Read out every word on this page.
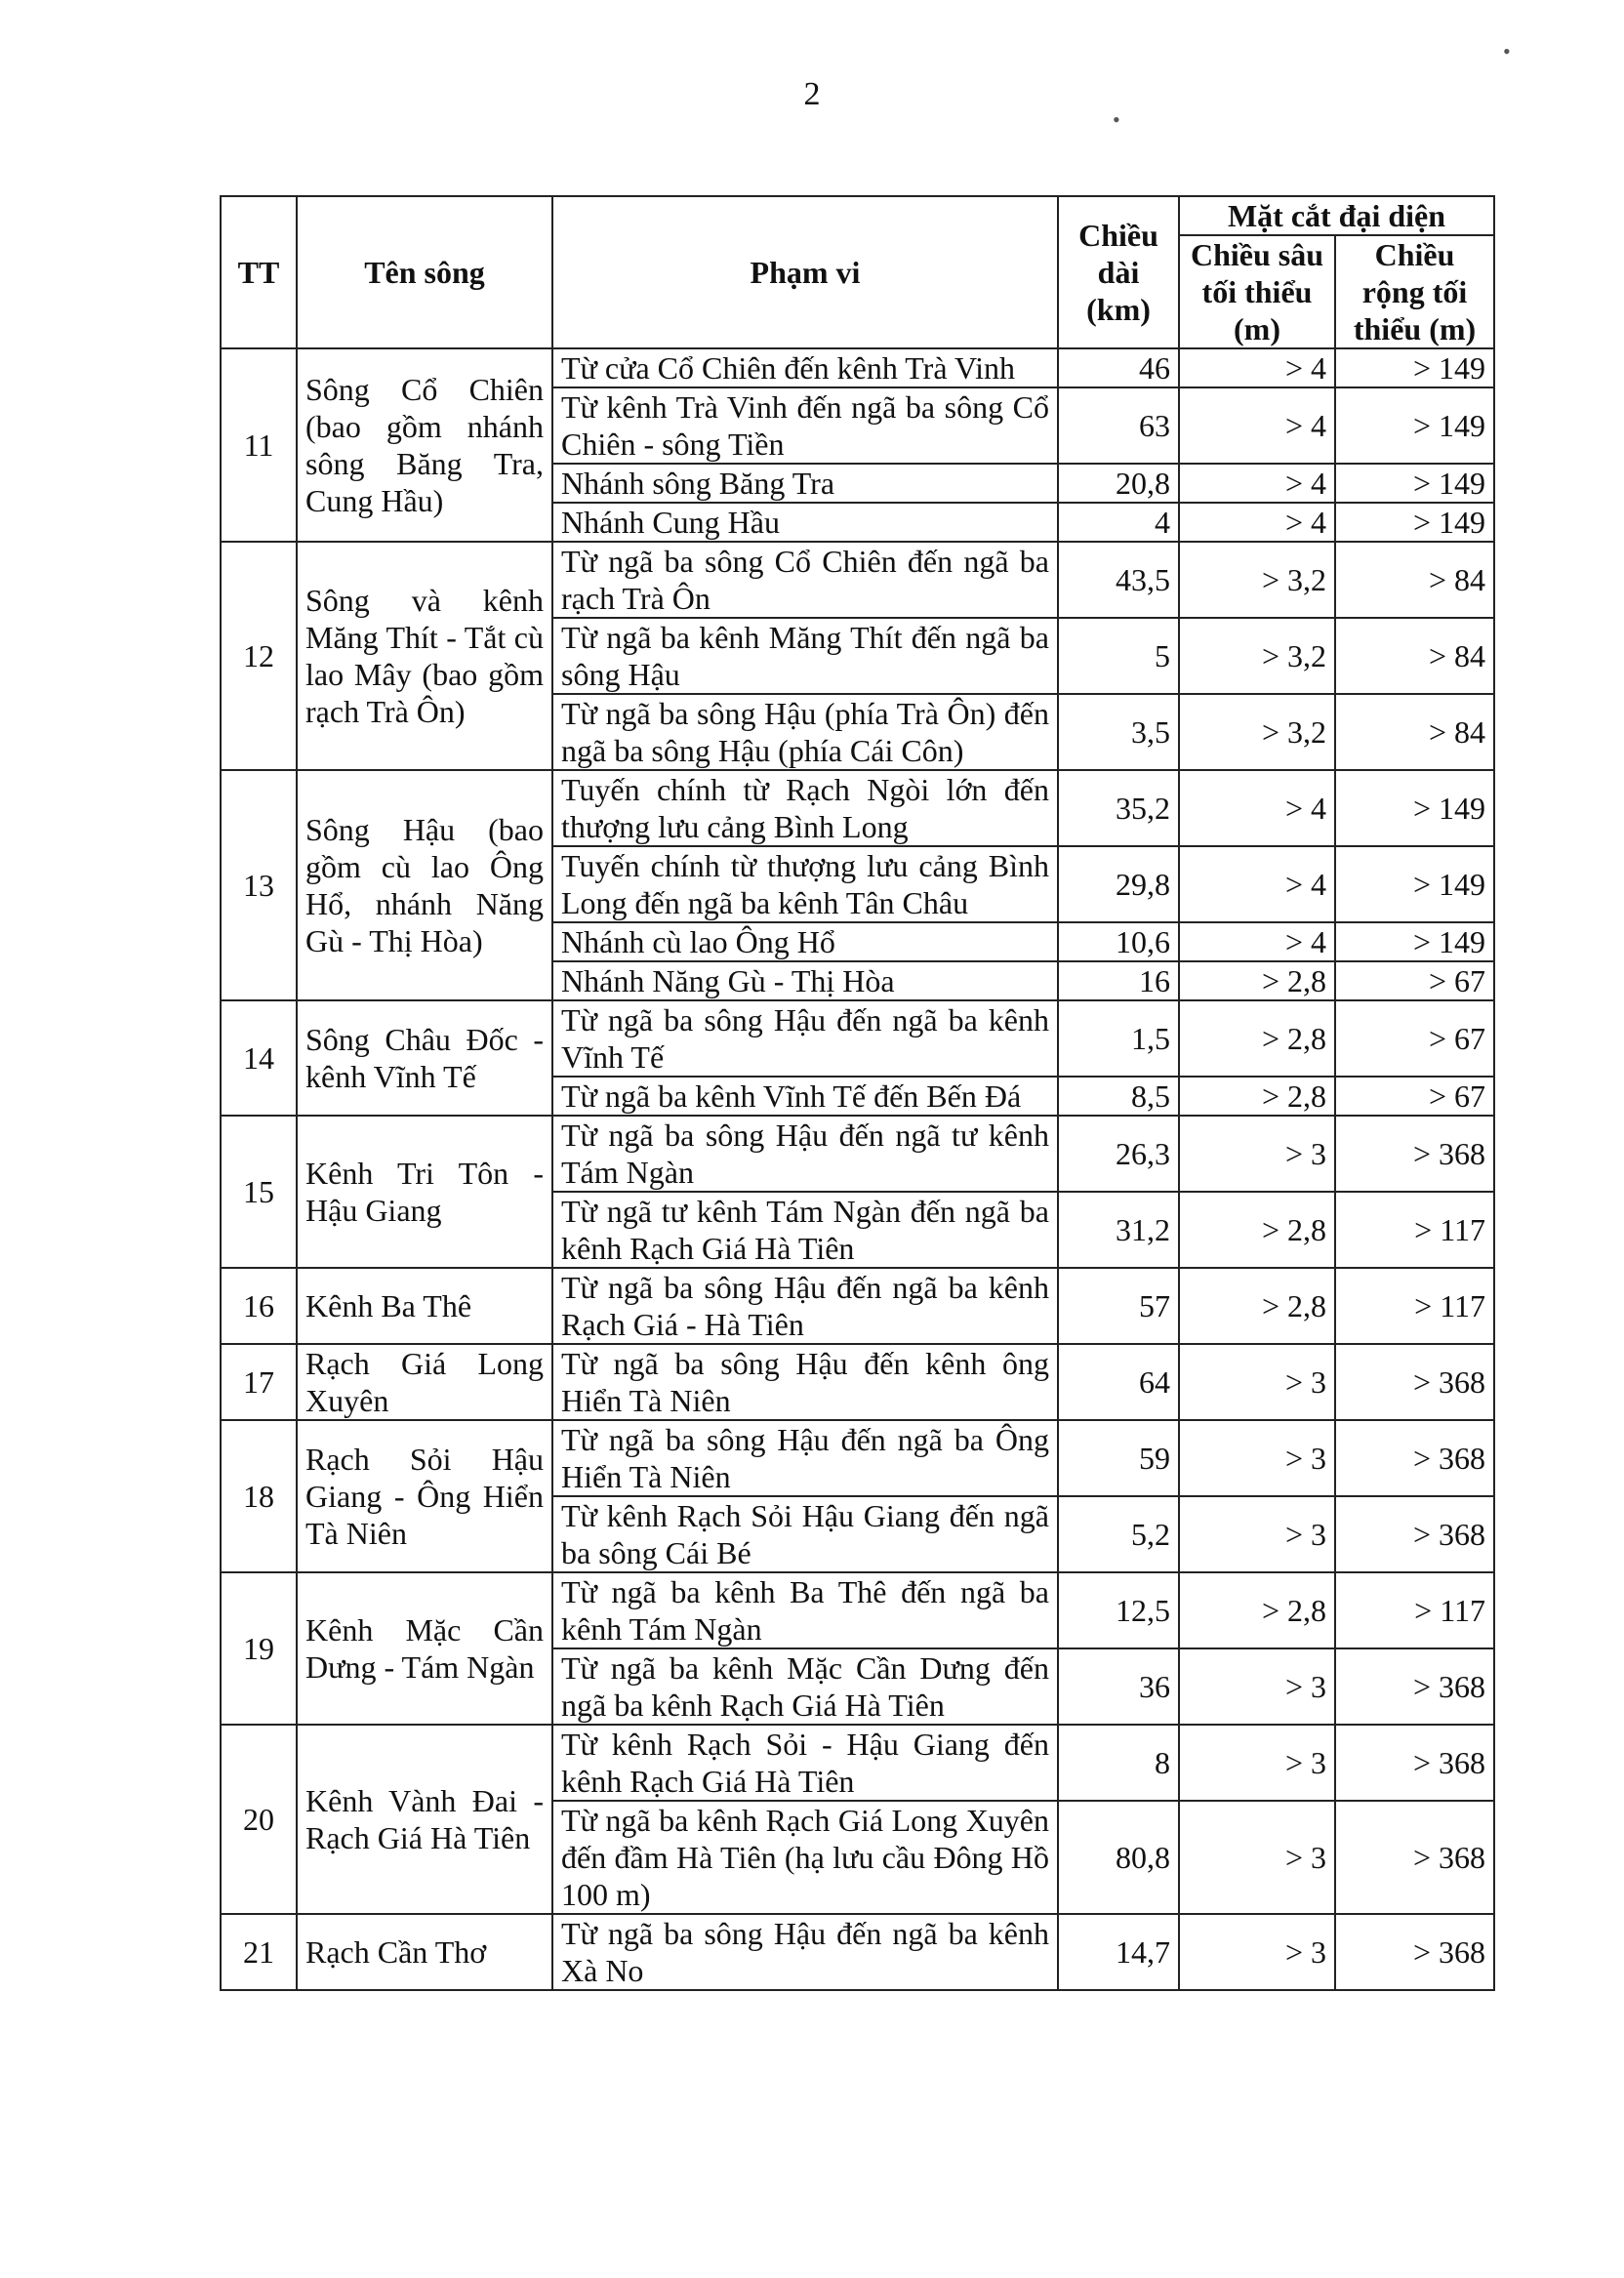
2
•
•
TT	Tên sông	Phạm vi	Chiều dài (km)	Mặt cắt đại diện	
				Chiều sâu tối thiểu (m)	Chiều rộng tối thiểu (m)
11	Sông Cổ Chiên (bao gồm nhánh sông Băng Tra, Cung Hầu)	Từ cửa Cổ Chiên đến kênh Trà Vinh	46	> 4	> 149
		Từ kênh Trà Vinh đến ngã ba sông Cổ Chiên - sông Tiền	63	> 4	> 149
		Nhánh sông Băng Tra	20,8	> 4	> 149
		Nhánh Cung Hầu	4	> 4	> 149
12	Sông và kênh Măng Thít - Tắt cù lao Mây (bao gồm rạch Trà Ôn)	Từ ngã ba sông Cổ Chiên đến ngã ba rạch Trà Ôn	43,5	> 3,2	> 84
		Từ ngã ba kênh Măng Thít đến ngã ba sông Hậu	5	> 3,2	> 84
		Từ ngã ba sông Hậu (phía Trà Ôn) đến ngã ba sông Hậu (phía Cái Côn)	3,5	> 3,2	> 84
13	Sông Hậu (bao gồm cù lao Ông Hổ, nhánh Năng Gù - Thị Hòa)	Tuyến chính từ Rạch Ngòi lớn đến thượng lưu cảng Bình Long	35,2	> 4	> 149
		Tuyến chính từ thượng lưu cảng Bình Long đến ngã ba kênh Tân Châu	29,8	> 4	> 149
		Nhánh cù lao Ông Hổ	10,6	> 4	> 149
		Nhánh Năng Gù - Thị Hòa	16	> 2,8	> 67
14	Sông Châu Đốc - kênh Vĩnh Tế	Từ ngã ba sông Hậu đến ngã ba kênh Vĩnh Tế	1,5	> 2,8	> 67
		Từ ngã ba kênh Vĩnh Tế đến Bến Đá	8,5	> 2,8	> 67
15	Kênh Tri Tôn - Hậu Giang	Từ ngã ba sông Hậu đến ngã tư kênh Tám Ngàn	26,3	> 3	> 368
		Từ ngã tư kênh Tám Ngàn đến ngã ba kênh Rạch Giá Hà Tiên	31,2	> 2,8	> 117
16	Kênh Ba Thê	Từ ngã ba sông Hậu đến ngã ba kênh Rạch Giá - Hà Tiên	57	> 2,8	> 117
17	Rạch Giá Long Xuyên	Từ ngã ba sông Hậu đến kênh ông Hiển Tà Niên	64	> 3	> 368
18	Rạch Sỏi Hậu Giang - Ông Hiển Tà Niên	Từ ngã ba sông Hậu đến ngã ba Ông Hiển Tà Niên	59	> 3	> 368
		Từ kênh Rạch Sỏi Hậu Giang đến ngã ba sông Cái Bé	5,2	> 3	> 368
19	Kênh Mặc Cần Dưng - Tám Ngàn	Từ ngã ba kênh Ba Thê đến ngã ba kênh Tám Ngàn	12,5	> 2,8	> 117
		Từ ngã ba kênh Mặc Cần Dưng đến ngã ba kênh Rạch Giá Hà Tiên	36	> 3	> 368
20	Kênh Vành Đai - Rạch Giá Hà Tiên	Từ kênh Rạch Sỏi - Hậu Giang đến kênh Rạch Giá Hà Tiên	8	> 3	> 368
		Từ ngã ba kênh Rạch Giá Long Xuyên đến đầm Hà Tiên (hạ lưu cầu Đông Hồ 100 m)	80,8	> 3	> 368
21	Rạch Cần Thơ	Từ ngã ba sông Hậu đến ngã ba kênh Xà No	14,7	> 3	> 368
